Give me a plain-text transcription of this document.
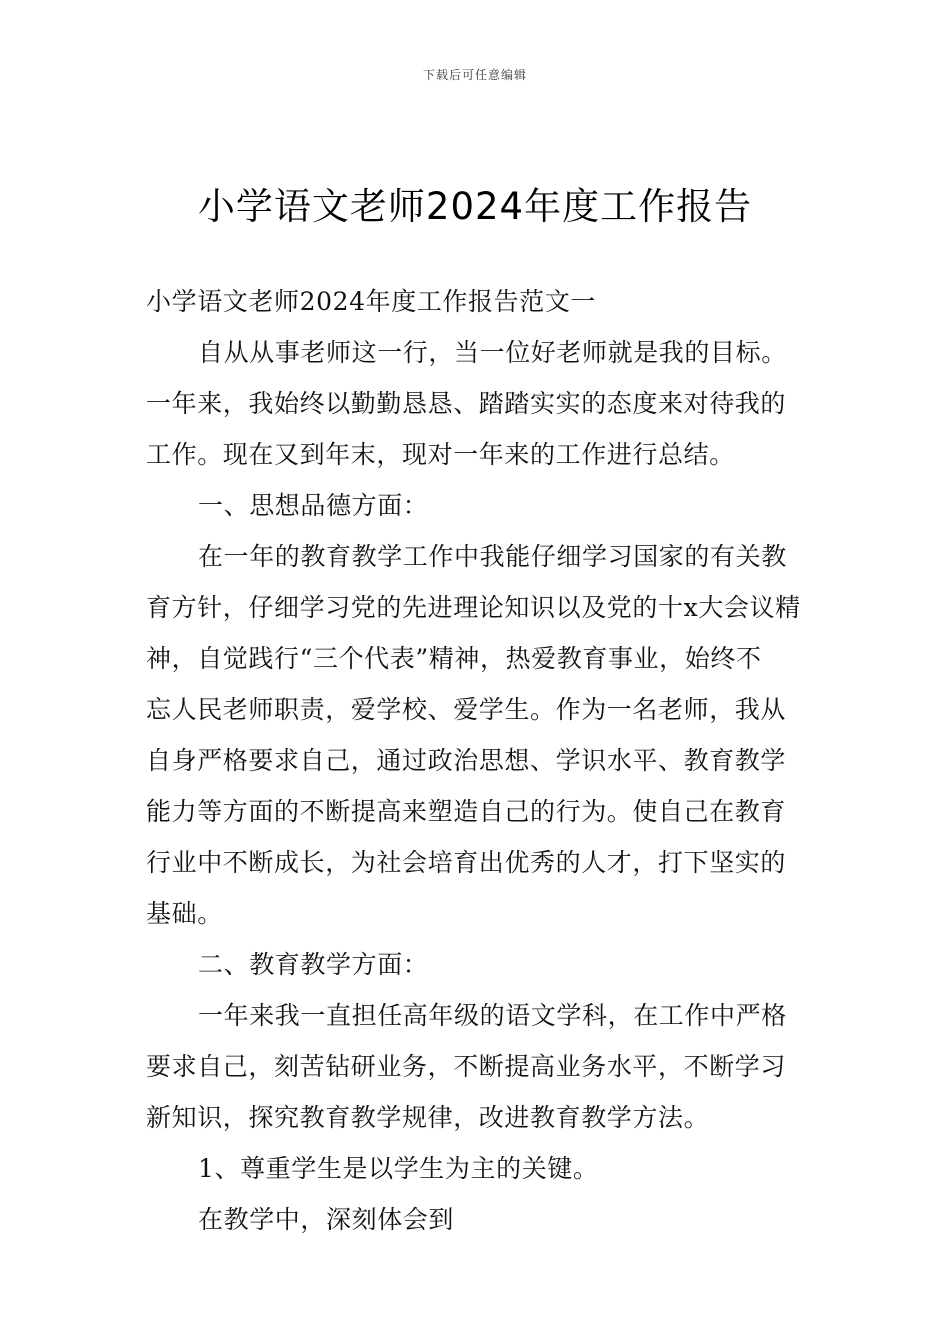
下载后可任意编辑
小学语文老师2024年度工作报告
小学语文老师2024年度工作报告范文一
自从从事老师这一行，当一位好老师就是我的目标。
一年来，我始终以勤勤恳恳、踏踏实实的态度来对待我的
工作。现在又到年末，现对一年来的工作进行总结。
一、思想品德方面：
在一年的教育教学工作中我能仔细学习国家的有关教
育方针，仔细学习党的先进理论知识以及党的十x大会议精
神，自觉践行“三个代表”精神，热爱教育事业，始终不
忘人民老师职责，爱学校、爱学生。作为一名老师，我从
自身严格要求自己，通过政治思想、学识水平、教育教学
能力等方面的不断提高来塑造自己的行为。使自己在教育
行业中不断成长，为社会培育出优秀的人才，打下坚实的
基础。
二、教育教学方面：
一年来我一直担任高年级的语文学科，在工作中严格
要求自己，刻苦钻研业务，不断提高业务水平，不断学习
新知识，探究教育教学规律，改进教育教学方法。
1、尊重学生是以学生为主的关键。
在教学中，深刻体会到
